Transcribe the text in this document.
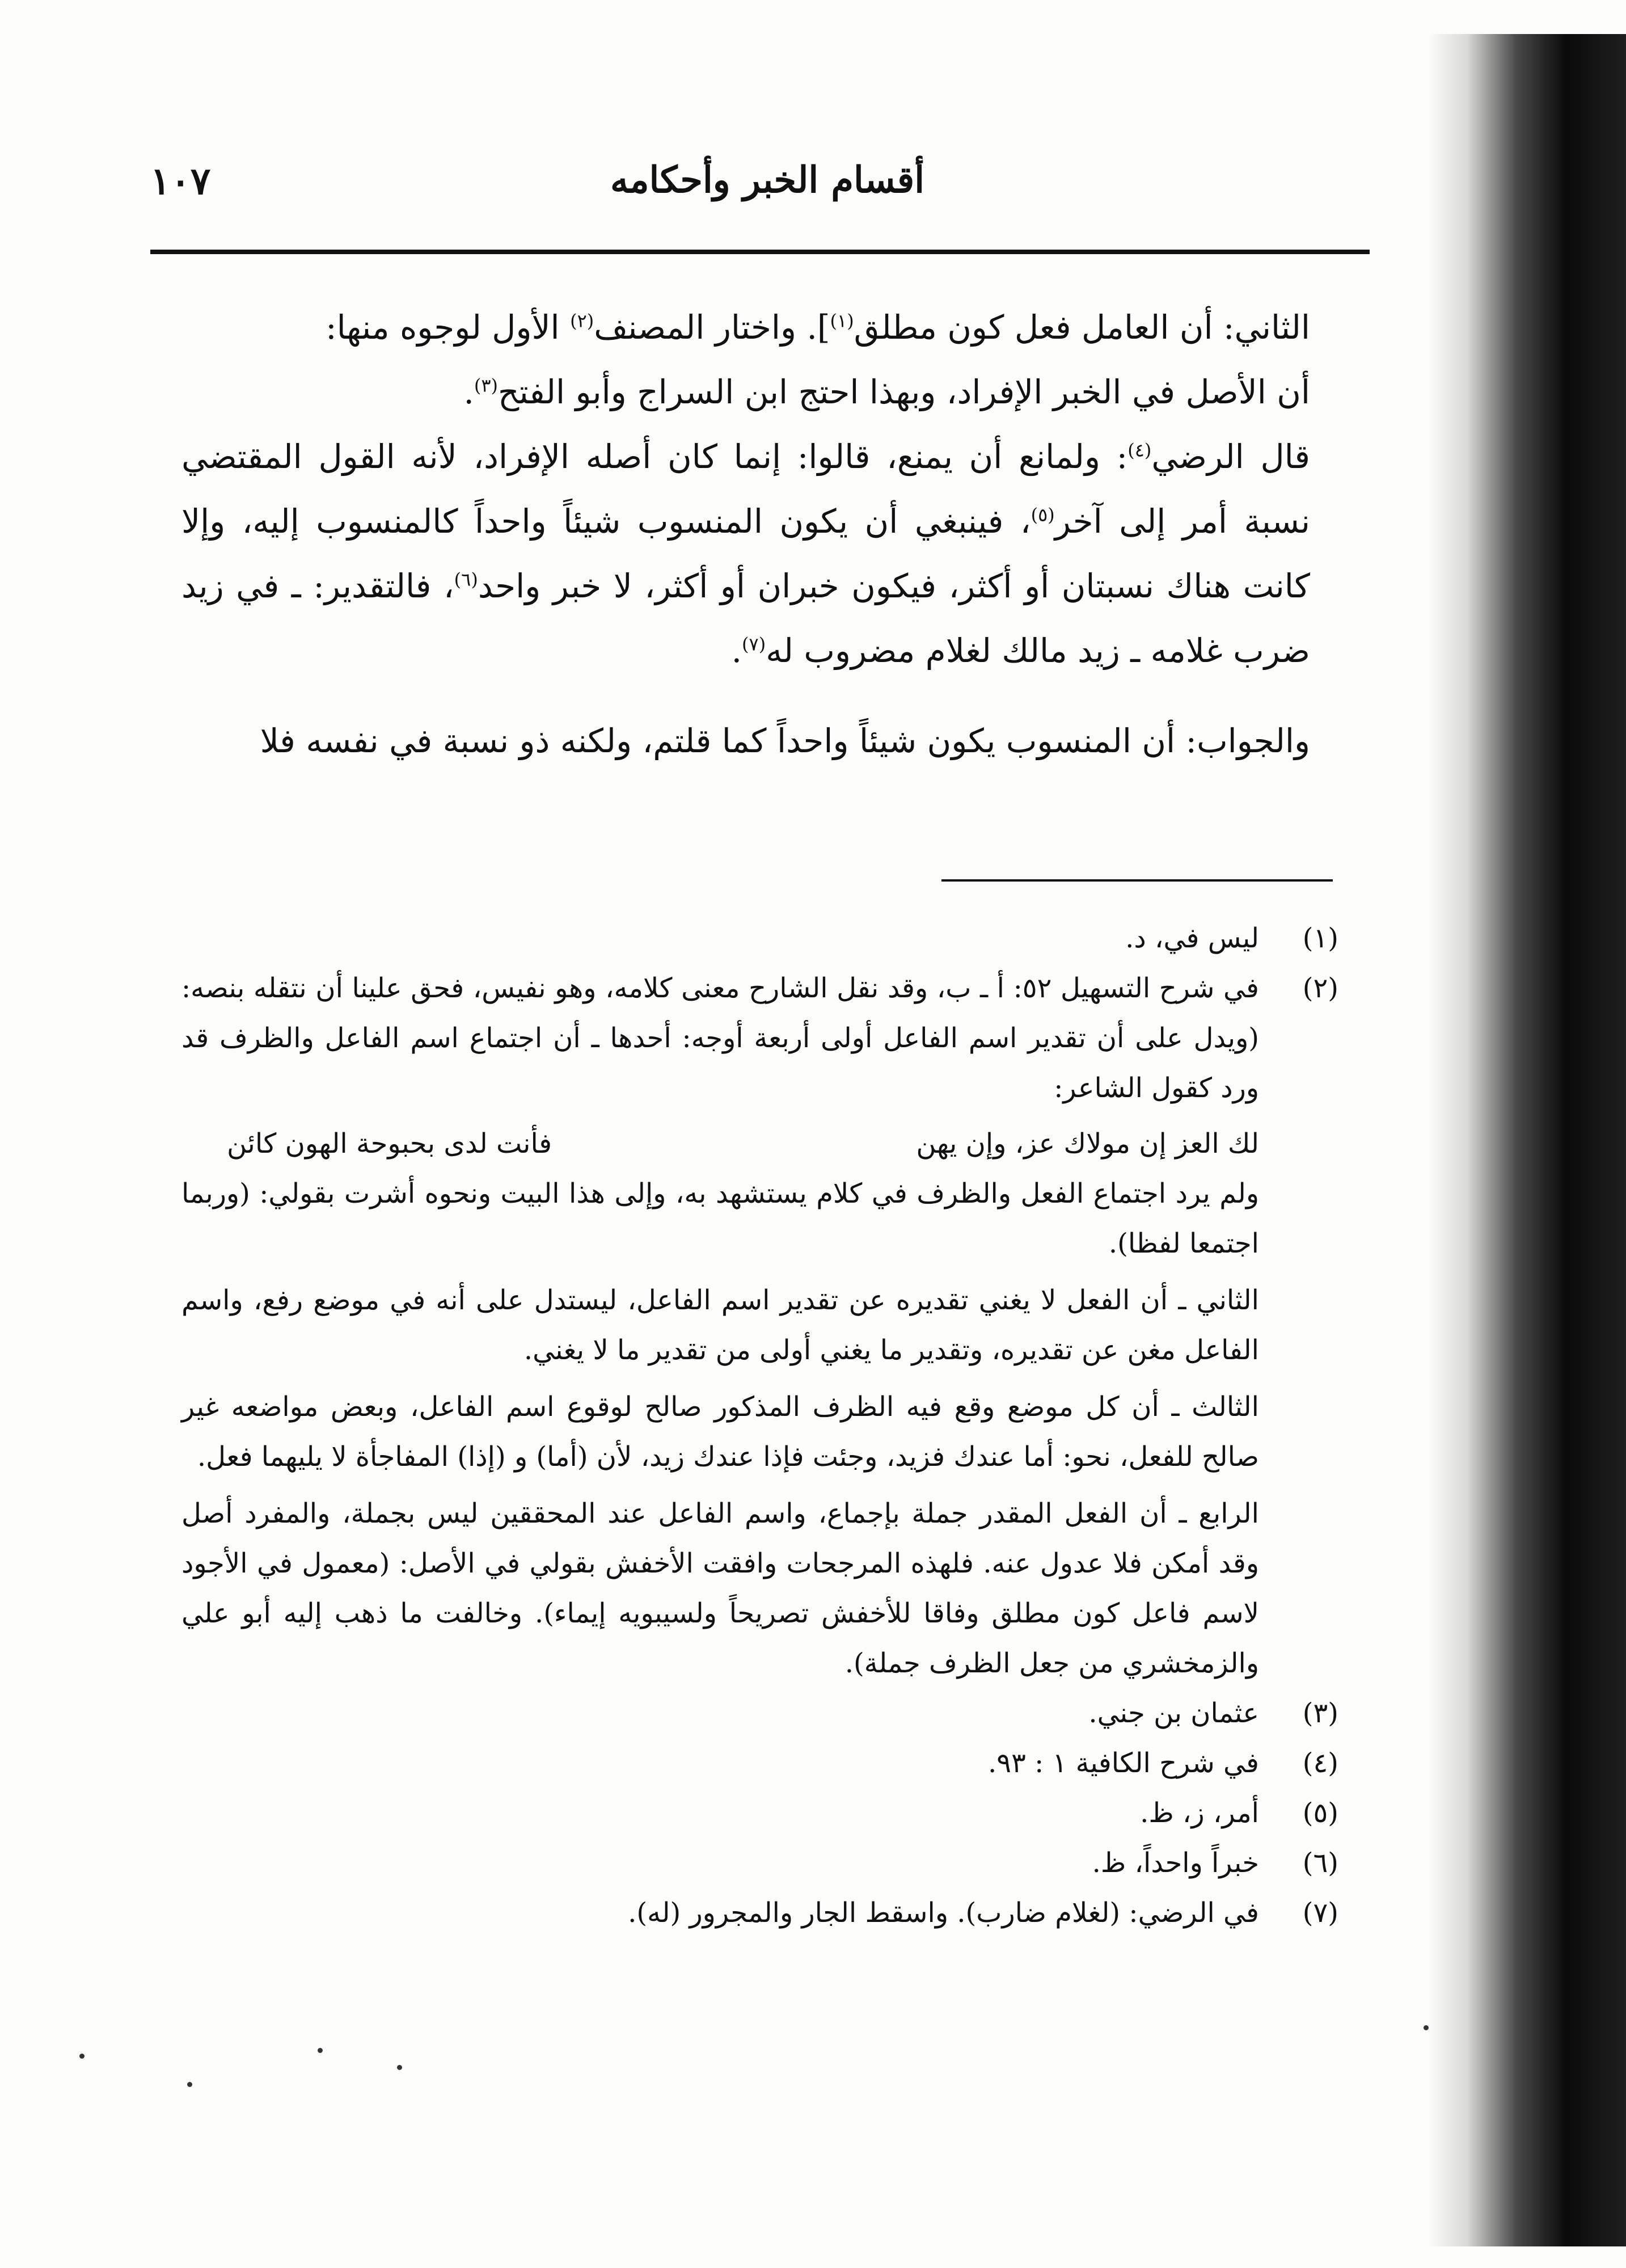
أقسام الخبر وأحكامه
١٠٧

الثاني: أن العامل فعل كون مطلق$^{(١)}$]. واختار المصنف$^{(٢)}$ الأول لوجوه منها:

أن الأصل في الخبر الإفراد، وبهذا احتج ابن السراج وأبو الفتح$^{(٣)}$.

قال الرضي$^{(٤)}$: ولمانع أن يمنع، قالوا: إنما كان أصله الإفراد، لأنه القول المقتضي نسبة أمر إلى آخر$^{(٥)}$، فينبغي أن يكون المنسوب شيئاً واحداً كالمنسوب إليه، وإلا كانت هناك نسبتان أو أكثر، فيكون خبران أو أكثر، لا خبر واحد$^{(٦)}$، فالتقدير: ـ في زيد ضرب غلامه ـ زيد مالك لغلام مضروب له$^{(٧)}$.

والجواب: أن المنسوب يكون شيئاً واحداً كما قلتم، ولكنه ذو نسبة في نفسه فلا

(١)
ليس في، د.
(٢)
في شرح التسهيل ٥٢: أ ـ ب، وقد نقل الشارح معنى كلامه، وهو نفيس، فحق علينا أن نتقله بنصه: (ويدل على أن تقدير اسم الفاعل أولى أربعة أوجه: أحدها ـ أن اجتماع اسم الفاعل والظرف قد ورد كقول الشاعر:
لك العز إن مولاك عز، وإن يهن
فأنت لدى بحبوحة الهون كائن
ولم يرد اجتماع الفعل والظرف في كلام يستشهد به، وإلى هذا البيت ونحوه أشرت بقولي: (وربما اجتمعا لفظا).
الثاني ـ أن الفعل لا يغني تقديره عن تقدير اسم الفاعل، ليستدل على أنه في موضع رفع، واسم الفاعل مغن عن تقديره، وتقدير ما يغني أولى من تقدير ما لا يغني.
الثالث ـ أن كل موضع وقع فيه الظرف المذكور صالح لوقوع اسم الفاعل، وبعض مواضعه غير صالح للفعل، نحو: أما عندك فزيد، وجئت فإذا عندك زيد، لأن (أما) و (إذا) المفاجأة لا يليهما فعل.
الرابع ـ أن الفعل المقدر جملة بإجماع، واسم الفاعل عند المحققين ليس بجملة، والمفرد أصل وقد أمكن فلا عدول عنه. فلهذه المرجحات وافقت الأخفش بقولي في الأصل: (معمول في الأجود لاسم فاعل كون مطلق وفاقا للأخفش تصريحاً ولسيبويه إيماء). وخالفت ما ذهب إليه أبو علي والزمخشري من جعل الظرف جملة).
(٣)
عثمان بن جني.
(٤)
في شرح الكافية ١ : ٩٣.
(٥)
أمر، ز، ظ.
(٦)
خبراً واحداً، ظ.
(٧)
في الرضي: (لغلام ضارب). واسقط الجار والمجرور (له).
